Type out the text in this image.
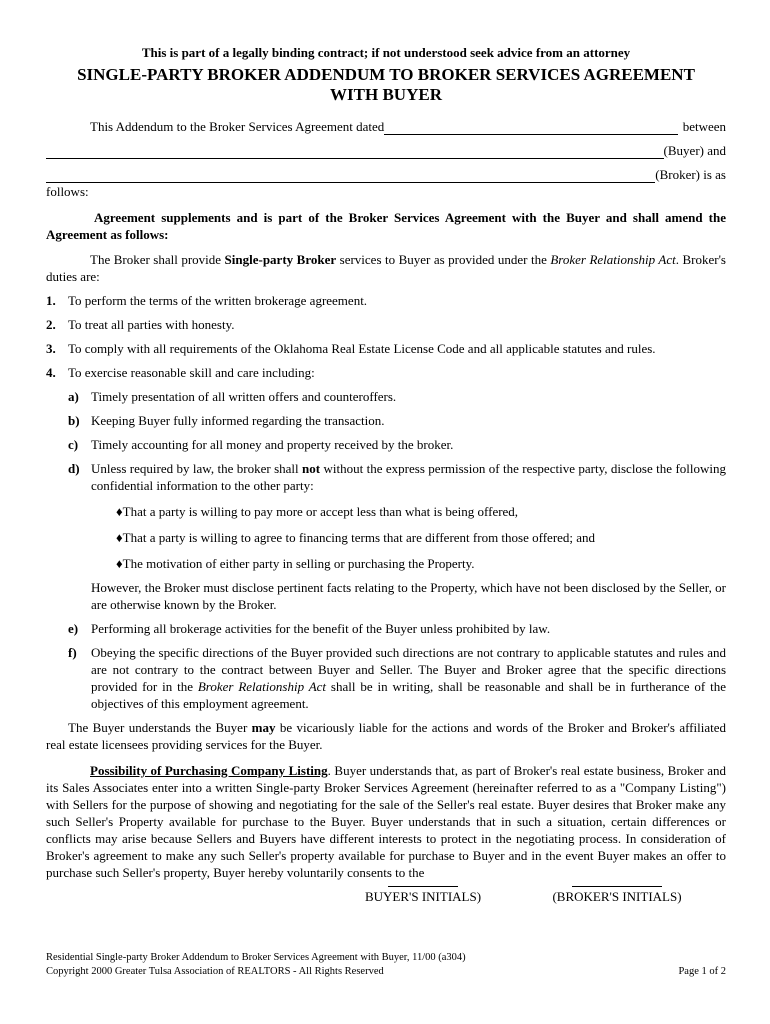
This is part of a legally binding contract; if not understood seek advice from an attorney

SINGLE-PARTY BROKER ADDENDUM TO BROKER SERVICES AGREEMENT
WITH BUYER
This Addendum to the Broker Services Agreement dated	between
(Buyer) and
(Broker) is as

follows:

Agreement supplements and is part of the Broker Services Agreement with the Buyer and shall amend the Agreement as follows:

The Broker shall provide Single-party Broker services to Buyer as provided under the Broker Relationship Act. Broker's duties are:

1. To perform the terms of the written brokerage agreement.
2. To treat all parties with honesty.
3. To comply with all requirements of the Oklahoma Real Estate License Code and all applicable statutes and rules.
4. To exercise reasonable skill and care including:
a) Timely presentation of all written offers and counteroffers.
b) Keeping Buyer fully informed regarding the transaction.
c) Timely accounting for all money and property received by the broker.
d) Unless required by law, the broker shall not without the express permission of the respective party, disclose the following confidential information to the other party:
♦That a party is willing to pay more or accept less than what is being offered,
♦That a party is willing to agree to financing terms that are different from those offered; and
♦The motivation of either party in selling or purchasing the Property.

However, the Broker must disclose pertinent facts relating to the Property, which have not been disclosed by the Seller, or are otherwise known by the Broker.

e) Performing all brokerage activities for the benefit of the Buyer unless prohibited by law.
f)	Obeying the specific directions of the Buyer provided such directions are not contrary to applicable statutes and rules and are not contrary to the contract between Buyer and Seller. The Buyer and Broker agree that the specific directions provided for in the Broker Relationship Act shall be in writing, shall be reasonable and shall be in furtherance of the objectives of this employment agreement.

The Buyer understands the Buyer may be vicariously liable for the actions and words of the Broker and Broker's affiliated real estate licensees providing services for the Buyer.

Possibility of Purchasing Company Listing. Buyer understands that, as part of Broker's real estate business, Broker and its Sales Associates enter into a written Single-party Broker Services Agreement (hereinafter referred to as a "Company Listing") with Sellers for the purpose of showing and negotiating for the sale of the Seller's real estate. Buyer desires that Broker make any such Seller's Property available for purchase to the Buyer. Buyer understands that in such a situation, certain differences or conflicts may arise because Sellers and Buyers have different interests to protect in the negotiating process. In consideration of Broker's agreement to make any such Seller's property available for purchase to Buyer and in the event Buyer makes an offer to purchase such Seller's property, Buyer hereby voluntarily consents to the

BUYER'S INITIALS)	(BROKER'S INITIALS)
Residential Single-party Broker Addendum to Broker Services Agreement with Buyer, 11/00 (a304)
Copyright 2000 Greater Tulsa Association of REALTORS - All Rights Reserved	Page 1 of 2
